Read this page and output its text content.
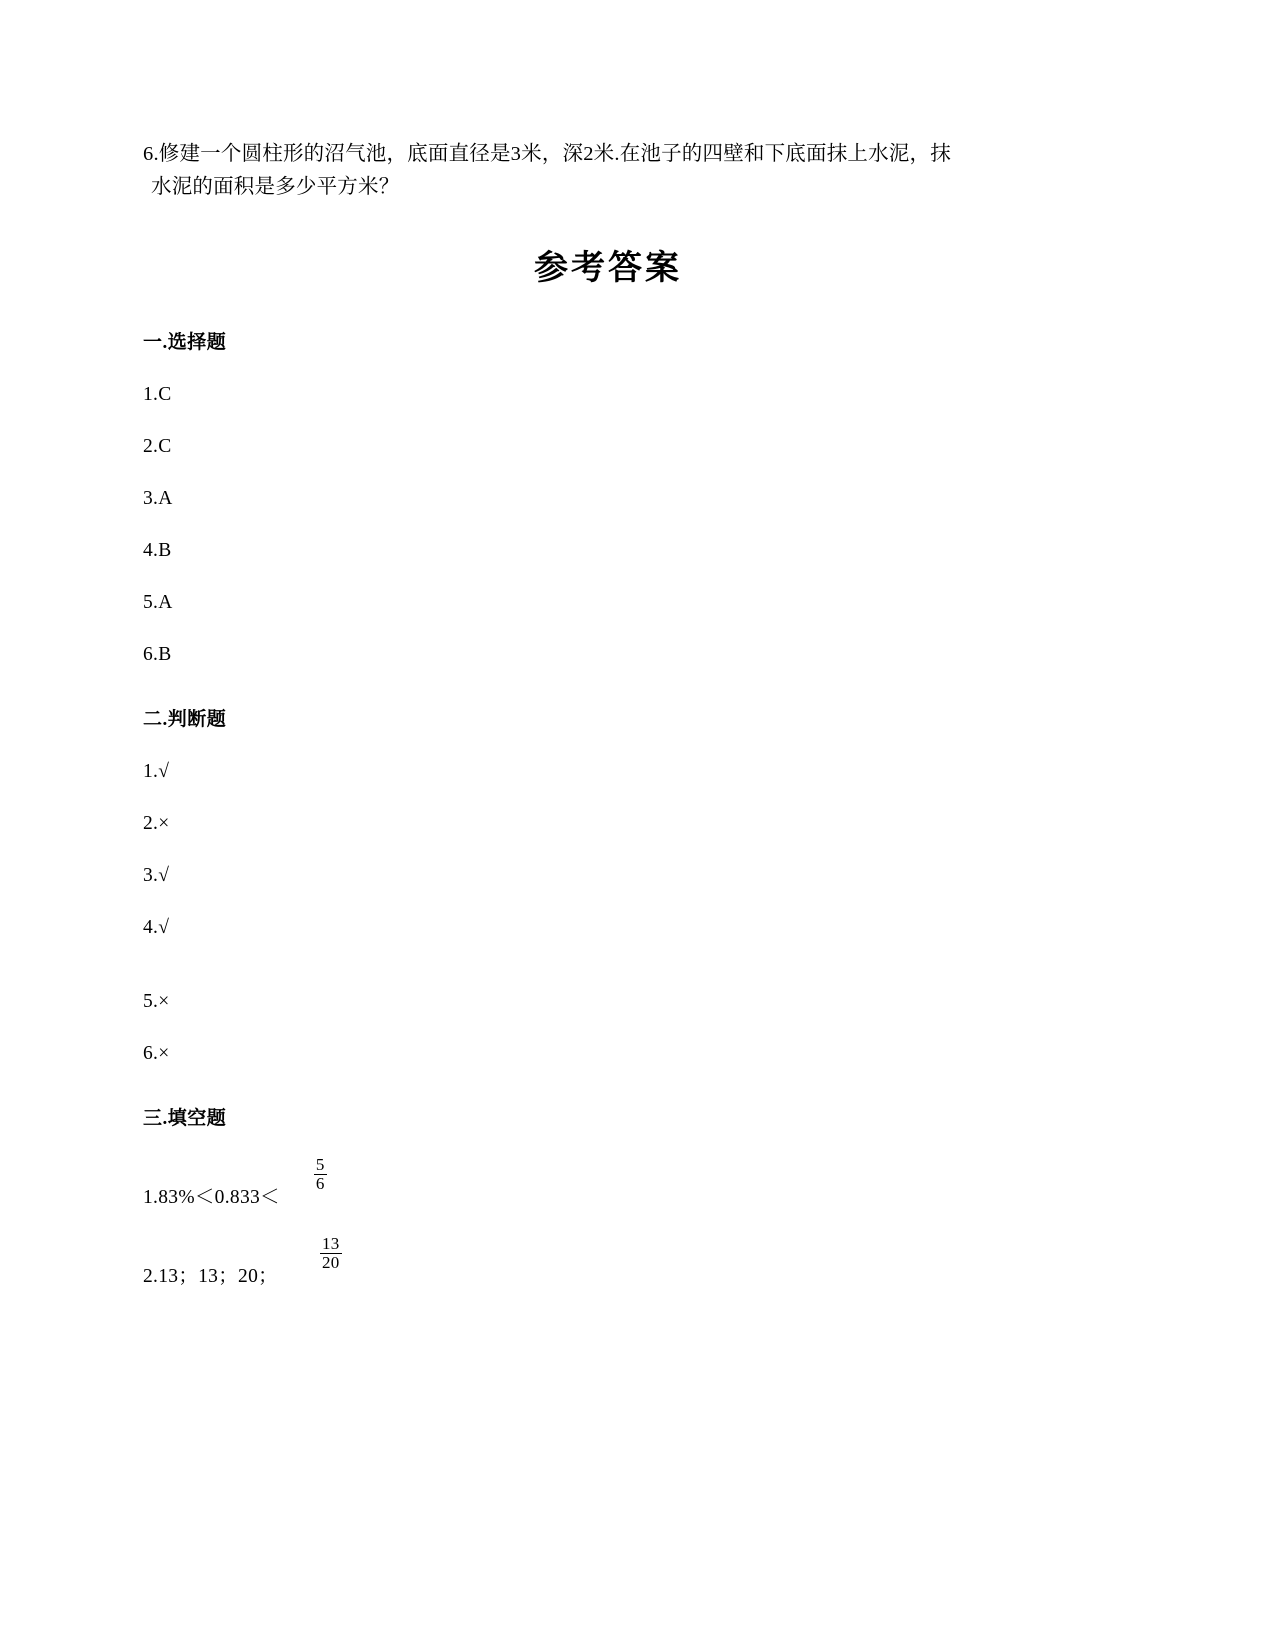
6.修建一个圆柱形的沼气池，底面直径是3米，深2米.在池子的四壁和下底面抹上水泥，抹
水泥的面积是多少平方米？
参考答案
一.选择题
1.C
2.C
3.A
4.B
5.A
6.B
二.判断题
1.√
2.×
3.√
4.√
5.×
6.×
三.填空题
1.83%＜0.833＜
$\frac{5}{6}$
2.13；13；20；
$\frac{13}{20}$
